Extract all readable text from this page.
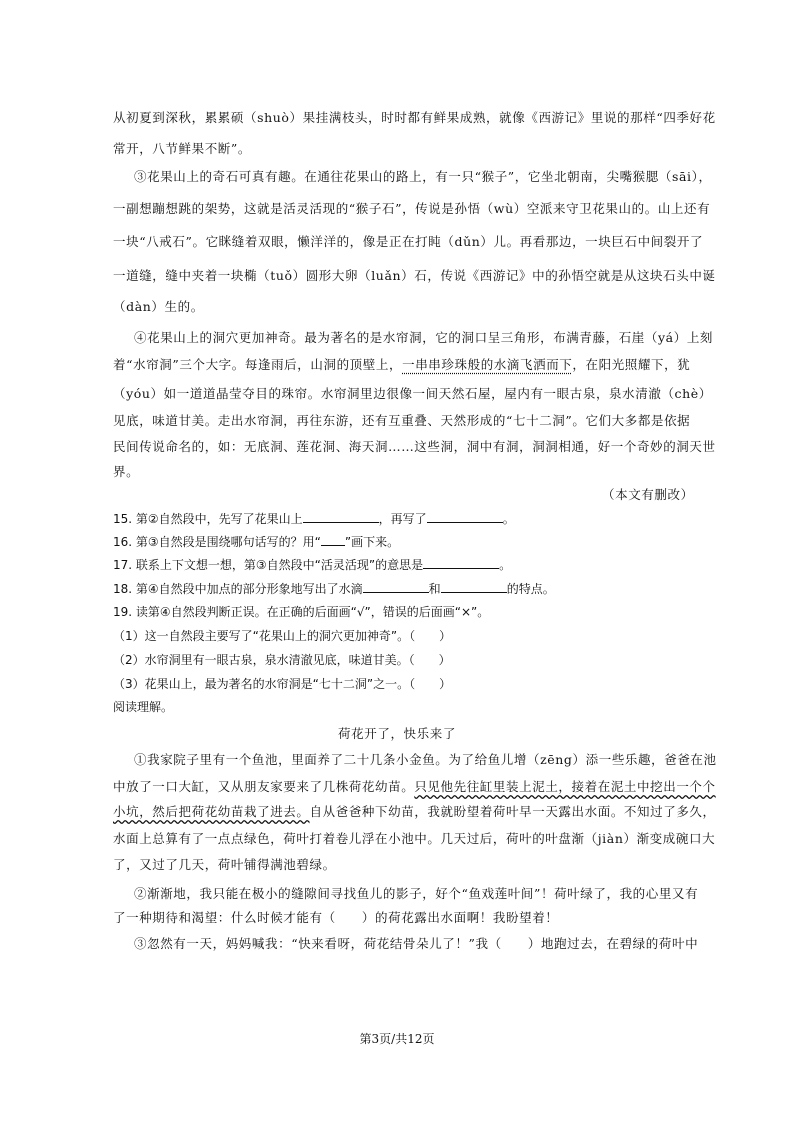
从初夏到深秋，累累硕（shuò）果挂满枝头，时时都有鲜果成熟，就像《西游记》里说的那样“四季好花
常开，八节鲜果不断”。
③花果山上的奇石可真有趣。在通往花果山的路上，有一只“猴子”，它坐北朝南，尖嘴猴腮（sāi），
一副想蹦想跳的架势，这就是活灵活现的“猴子石”，传说是孙悟（wù）空派来守卫花果山的。山上还有
一块“八戒石”。它眯缝着双眼，懒洋洋的，像是正在打盹（dǔn）儿。再看那边，一块巨石中间裂开了
一道缝，缝中夹着一块椭（tuǒ）圆形大卵（luǎn）石，传说《西游记》中的孙悟空就是从这块石头中诞
（dàn）生的。
④花果山上的洞穴更加神奇。最为著名的是水帘洞，它的洞口呈三角形，布满青藤，石崖（yá）上刻
着“水帘洞”三个大字。每逢雨后，山洞的顶壁上，一串串珍珠般的水滴飞洒而下，在阳光照耀下，犹
（yóu）如一道道晶莹夺目的珠帘。水帘洞里边很像一间天然石屋，屋内有一眼古泉，泉水清澈（chè）
见底，味道甘美。走出水帘洞，再往东游，还有互重叠、天然形成的“七十二洞”。它们大多都是依据
民间传说命名的，如：无底洞、莲花洞、海天洞……这些洞，洞中有洞，洞洞相通，好一个奇妙的洞天世
界。
（本文有删改）
15. 第②自然段中，先写了花果山上	，再写了	。
16. 第③自然段是围绕哪句话写的？用“ ”画下来。
17. 联系上下文想一想，第③自然段中“活灵活现”的意思是	。
18. 第④自然段中加点的部分形象地写出了水滴	和	的特点。
19. 读第④自然段判断正误。在正确的后面画“√”，错误的后面画“×”。
（1）这一自然段主要写了“花果山上的洞穴更加神奇”。（　　）
（2）水帘洞里有一眼古泉，泉水清澈见底，味道甘美。（　　）
（3）花果山上，最为著名的水帘洞是“七十二洞”之一。（　　）
阅读理解。
荷花开了，快乐来了
①我家院子里有一个鱼池，里面养了二十几条小金鱼。为了给鱼儿增（zēng）添一些乐趣，爸爸在池
中放了一口大缸，又从朋友家要来了几株荷花幼苗。只见他先往缸里装上泥土，接着在泥土中挖出一个个
小坑，然后把荷花幼苗栽了进去。自从爸爸种下幼苗，我就盼望着荷叶早一天露出水面。不知过了多久，
水面上总算有了一点点绿色，荷叶打着卷儿浮在小池中。几天过后，荷叶的叶盘渐（jiàn）渐变成碗口大
了，又过了几天，荷叶铺得满池碧绿。
②渐渐地，我只能在极小的缝隙间寻找鱼儿的影子，好个“鱼戏莲叶间”！荷叶绿了，我的心里又有
了一种期待和渴望：什么时候才能有（　　）的荷花露出水面啊！我盼望着！
③忽然有一天，妈妈喊我：“快来看呀，荷花结骨朵儿了！”我（　　）地跑过去，在碧绿的荷叶中
第3页/共12页
